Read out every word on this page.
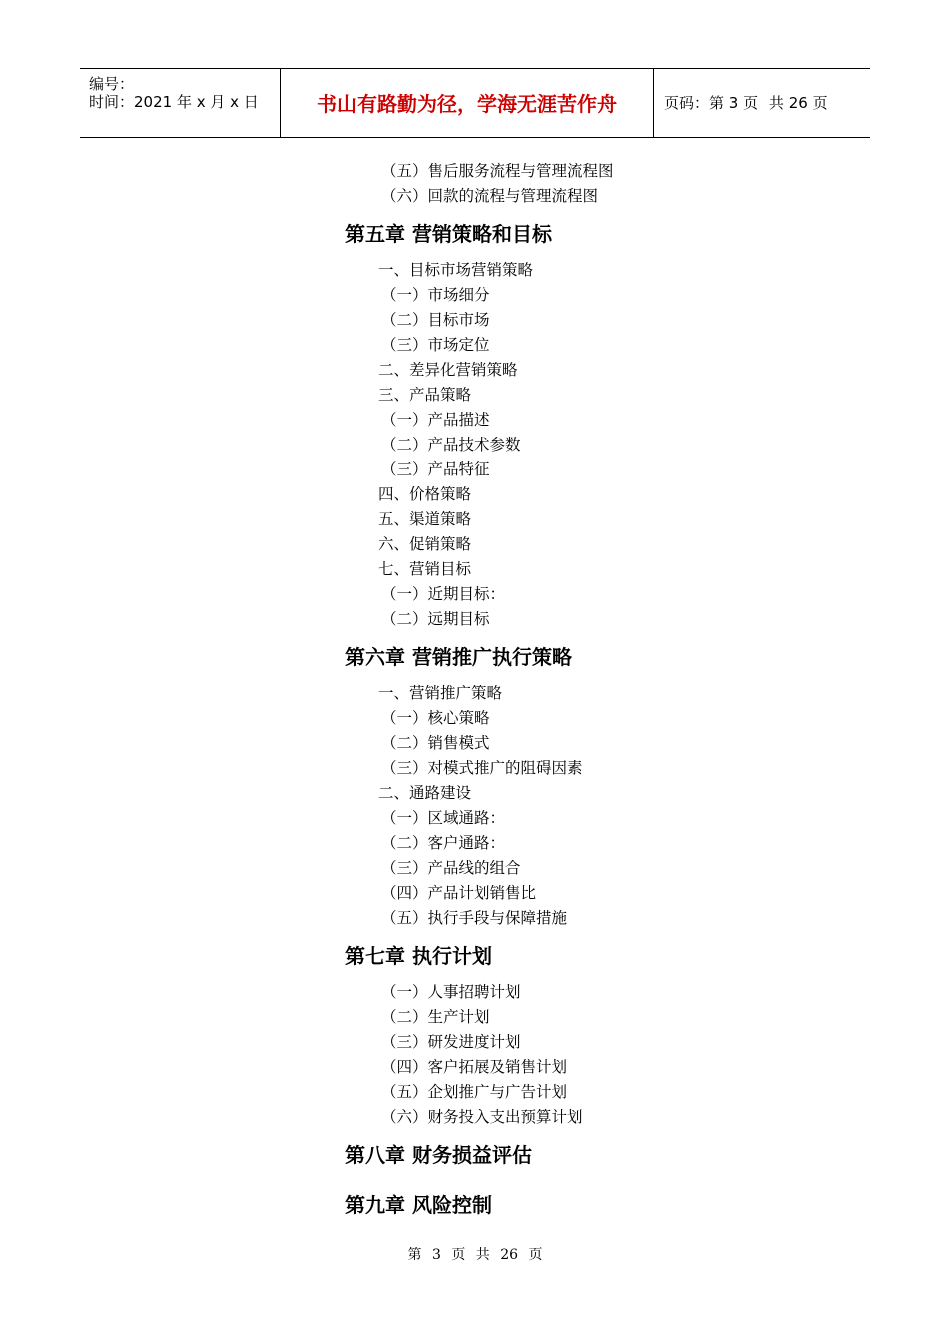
编号：
时间：2021 年 x 月 x 日	书山有路勤为径，学海无涯苦作舟	页码：第 3 页 共 26 页
（五）售后服务流程与管理流程图
（六）回款的流程与管理流程图
第五章 营销策略和目标
一、目标市场营销策略
（一）市场细分
（二）目标市场
（三）市场定位
二、差异化营销策略
三、产品策略
（一）产品描述
（二）产品技术参数
（三）产品特征
四、价格策略
五、渠道策略
六、促销策略
七、营销目标
（一）近期目标：
（二）远期目标
第六章 营销推广执行策略
一、营销推广策略
（一）核心策略
（二）销售模式
（三）对模式推广的阻碍因素
二、通路建设
（一）区域通路：
（二）客户通路：
（三）产品线的组合
（四）产品计划销售比
（五）执行手段与保障措施
第七章 执行计划
（一）人事招聘计划
（二）生产计划
（三）研发进度计划
（四）客户拓展及销售计划
（五）企划推广与广告计划
（六）财务投入支出预算计划
第八章 财务损益评估
第九章 风险控制
第 3 页 共 26 页
